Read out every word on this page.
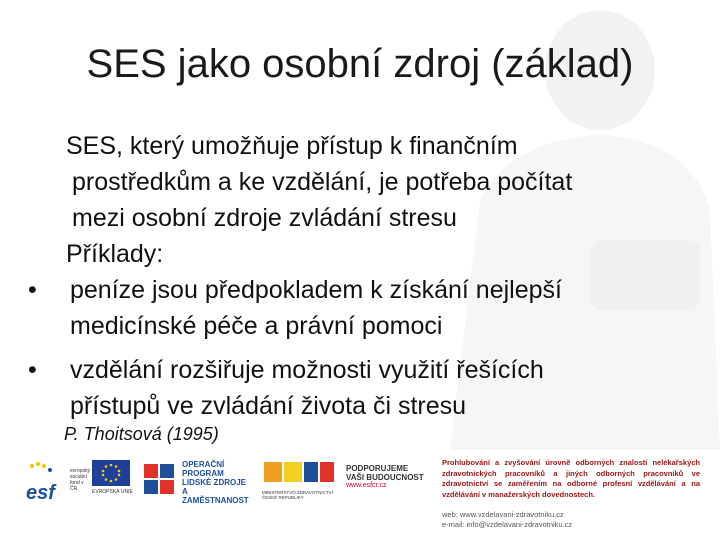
SES jako osobní zdroj (základ)
SES, který umožňuje přístup k finančním
prostředkům a ke vzdělání, je potřeba počítat
mezi osobní zdroje zvládání stresu
Příklady:
•	peníze jsou předpokladem k získání nejlepší
medicínské péče a právní pomoci
•	vzdělání rozšiřuje možnosti využití řešících
přístupů ve zvládání života či stresu
P. Thoitsová (1995)
esf
evropský sociální fond v ČR	EVROPSKÁ UNIE
OPERAČNÍ PROGRAM LIDSKÉ ZDROJE A ZAMĚSTNANOST
MINISTERSTVO ZDRAVOTNICTVÍ ČESKÉ REPUBLIKY
PODPORUJEME
VAŠI BUDOUCNOST
www.esfcr.cz
Prohlubování a zvyšování úrovně odborných znalostí nelékařských zdravotnických pracovníků a jiných odborných pracovníků ve zdravotnictví se zaměřením na odborné profesní vzdělávání a na vzdělávání v manažerských dovednostech.
web: www.vzdelavani-zdravotniku.cz
e-mail: info@vzdelavani-zdravotniku.cz
